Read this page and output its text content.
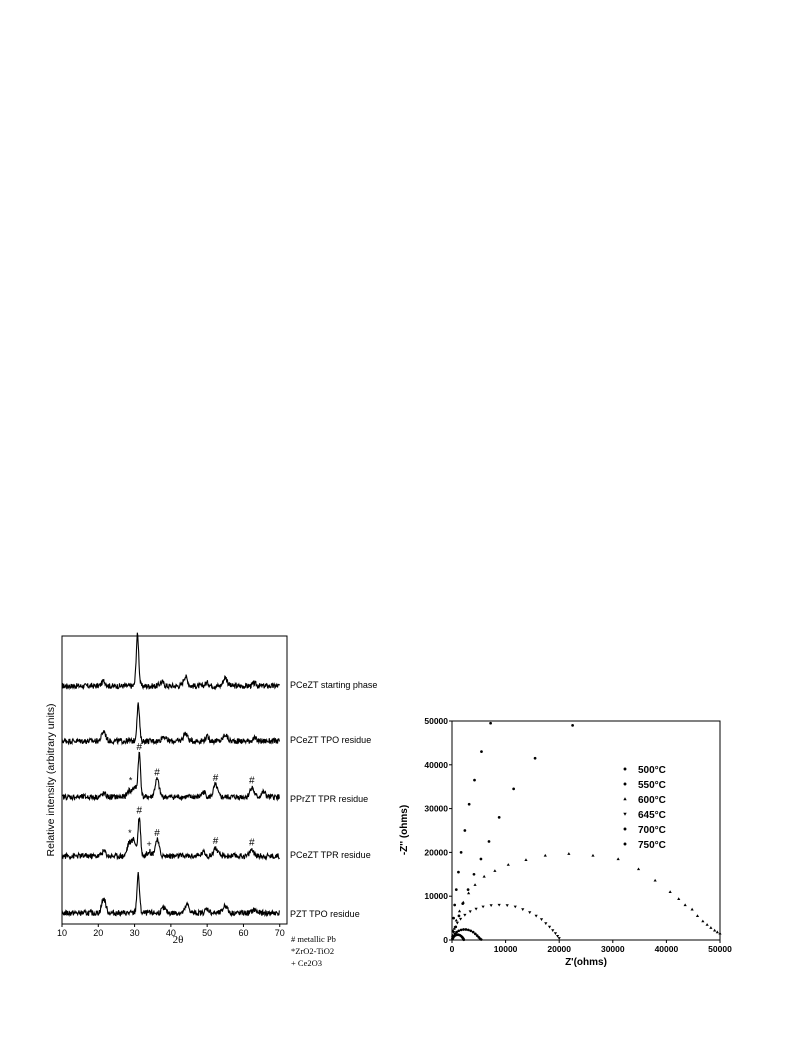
Relative intensity (arbitrary units)
10	20	30	40	50	60	70
2θ
PCeZT starting phase
PCeZT TPO residue
PPrZT TPR residue
PCeZT TPR residue
PZT TPO residue
#
#
#	#
*
#
#
#	#
*
+
# metallic Pb
*ZrO2-TiO2
+ Ce2O3
0	10000	20000	30000	40000	50000
0
10000
20000
30000
40000
50000
-Z'' (ohms)
Z'(ohms)
500°C
550°C
600°C
645°C
700°C
750°C
